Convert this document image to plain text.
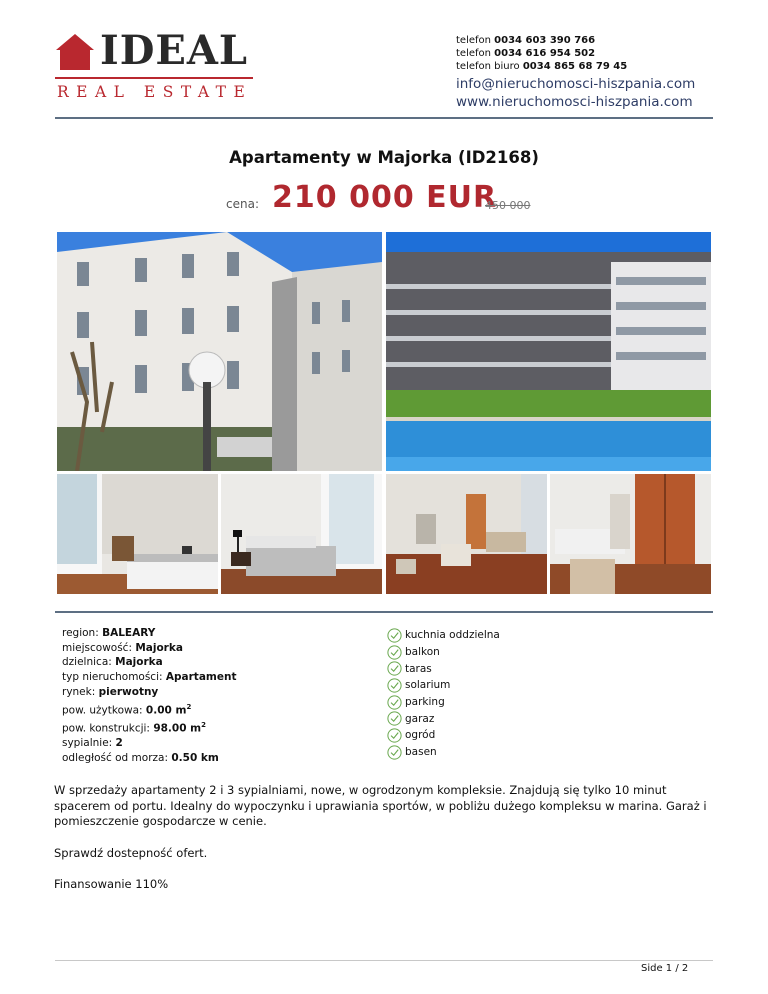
IDEAL
REAL ESTATE
telefon 0034 603 390 766
telefon 0034 616 954 502
telefon biuro 0034 865 68 79 45
info@nieruchomosci-hiszpania.com
www.nieruchomosci-hiszpania.com
Apartamenty w Majorka (ID2168)
cena: 210 000 EUR
450 000
region: BALEARY
miejscowość: Majorka
dzielnica: Majorka
typ nieruchomości: Apartament
rynek: pierwotny
pow. użytkowa: 0.00 $m^2$
pow. konstrukcji: 98.00 $m^2$
sypialnie: 2
odległość od morza: 0.50 km
kuchnia oddzielna
balkon
taras
solarium
parking
garaz
ogród
basen

W sprzedaży apartamenty 2 i 3 sypialniami, nowe, w ogrodzonym kompleksie. Znajdują się tylko 10 minut spacerem od portu. Idealny do wypoczynku i uprawiania sportów, w pobliżu dużego kompleksu w marina. Garaż i pomieszczenie gospodarcze w cenie.

Sprawdź dostepność ofert.

Finansowanie 110%

Side 1 / 2
